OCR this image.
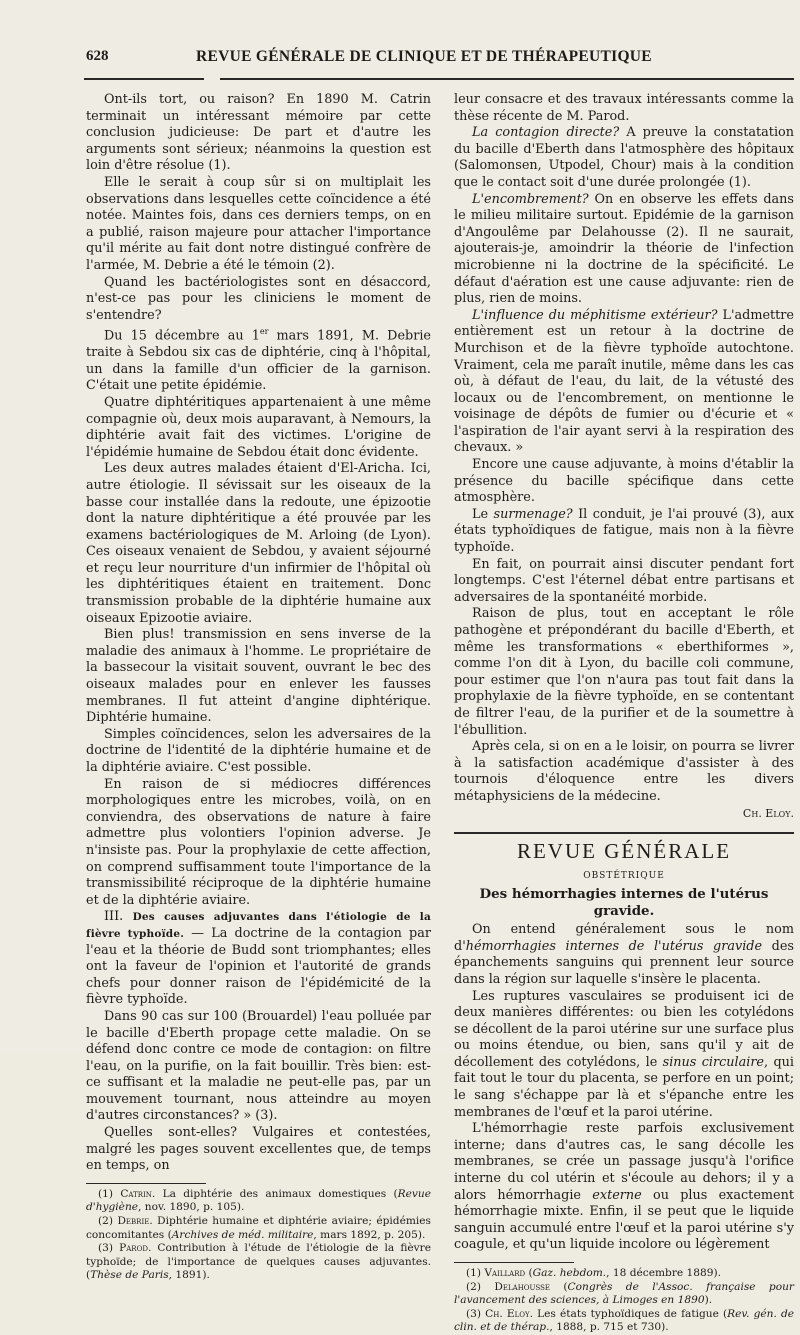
628	REVUE GÉNÉRALE DE CLINIQUE ET DE THÉRAPEUTIQUE

Ont-ils tort, ou raison? En 1890 M. Catrin terminait un intéressant mémoire par cette conclusion judicieuse: De part et d'autre les arguments sont sérieux; néanmoins la question est loin d'être résolue (1).

Elle le serait à coup sûr si on multiplait les observations dans lesquelles cette coïncidence a été notée. Maintes fois, dans ces derniers temps, on en a publié, raison majeure pour attacher l'importance qu'il mérite au fait dont notre distingué confrère de l'armée, M. Debrie a été le témoin (2).

Quand les bactériologistes sont en désaccord, n'est-ce pas pour les cliniciens le moment de s'entendre?

Du 15 décembre au 1er mars 1891, M. Debrie traite à Sebdou six cas de diphtérie, cinq à l'hôpital, un dans la famille d'un officier de la garnison. C'était une petite épidémie.

Quatre diphtéritiques appartenaient à une même compagnie où, deux mois auparavant, à Nemours, la diphtérie avait fait des victimes. L'origine de l'épidémie humaine de Sebdou était donc évidente.

Les deux autres malades étaient d'El-Aricha. Ici, autre étiologie. Il sévissait sur les oiseaux de la basse cour installée dans la redoute, une épizootie dont la nature diphtéritique a été prouvée par les examens bactériologiques de M. Arloing (de Lyon). Ces oiseaux venaient de Sebdou, y avaient séjourné et reçu leur nourriture d'un infirmier de l'hôpital où les diphtéritiques étaient en traitement. Donc transmission probable de la diphtérie humaine aux oiseaux Epizootie aviaire.

Bien plus! transmission en sens inverse de la maladie des animaux à l'homme. Le propriétaire de la bassecour la visitait souvent, ouvrant le bec des oiseaux malades pour en enlever les fausses membranes. Il fut atteint d'angine diphtérique. Diphtérie humaine.

Simples coïncidences, selon les adversaires de la doctrine de l'identité de la diphtérie humaine et de la diphtérie aviaire. C'est possible.

En raison de si médiocres différences morphologiques entre les microbes, voilà, on en conviendra, des observations de nature à faire admettre plus volontiers l'opinion adverse. Je n'insiste pas. Pour la prophylaxie de cette affection, on comprend suffisamment toute l'importance de la transmissibilité réciproque de la diphtérie humaine et de la diphtérie aviaire.

III. Des causes adjuvantes dans l'étiologie de la fièvre typhoïde. — La doctrine de la contagion par l'eau et la théorie de Budd sont triomphantes; elles ont la faveur de l'opinion et l'autorité de grands chefs pour donner raison de l'épidémicité de la fièvre typhoïde.

Dans 90 cas sur 100 (Brouardel) l'eau polluée par le bacille d'Eberth propage cette maladie. On se défend donc contre ce mode de contagion: on filtre l'eau, on la purifie, on la fait bouillir. Très bien: est-ce suffisant et la maladie ne peut-elle pas, par un mouvement tournant, nous atteindre au moyen d'autres circonstances? » (3).

Quelles sont-elles? Vulgaires et contestées, malgré les pages souvent excellentes que, de temps en temps, on

(1) Catrin. La diphtérie des animaux domestiques (Revue d'hygiène, nov. 1890, p. 105).

(2) Debrie. Diphtérie humaine et diphtérie aviaire; épidémies concomitantes (Archives de méd. militaire, mars 1892, p. 205).

(3) Parod. Contribution à l'étude de l'étiologie de la fièvre typhoïde; de l'importance de quelques causes adjuvantes. (Thèse de Paris, 1891).

leur consacre et des travaux intéressants comme la thèse récente de M. Parod.

La contagion directe? A preuve la constatation du bacille d'Eberth dans l'atmosphère des hôpitaux (Salomonsen, Utpodel, Chour) mais à la condition que le contact soit d'une durée prolongée (1).

L'encombrement? On en observe les effets dans le milieu militaire surtout. Epidémie de la garnison d'Angoulême par Delahousse (2). Il ne saurait, ajouterais-je, amoindrir la théorie de l'infection microbienne ni la doctrine de la spécificité. Le défaut d'aération est une cause adjuvante: rien de plus, rien de moins.

L'influence du méphitisme extérieur? L'admettre entièrement est un retour à la doctrine de Murchison et de la fièvre typhoïde autochtone. Vraiment, cela me paraît inutile, même dans les cas où, à défaut de l'eau, du lait, de la vétusté des locaux ou de l'encombrement, on mentionne le voisinage de dépôts de fumier ou d'écurie et « l'aspiration de l'air ayant servi à la respiration des chevaux. »

Encore une cause adjuvante, à moins d'établir la présence du bacille spécifique dans cette atmosphère.

Le surmenage? Il conduit, je l'ai prouvé (3), aux états typhoïdiques de fatigue, mais non à la fièvre typhoïde.

En fait, on pourrait ainsi discuter pendant fort longtemps. C'est l'éternel débat entre partisans et adversaires de la spontanéité morbide.

Raison de plus, tout en acceptant le rôle pathogène et prépondérant du bacille d'Eberth, et même les transformations « eberthiformes », comme l'on dit à Lyon, du bacille coli commune, pour estimer que l'on n'aura pas tout fait dans la prophylaxie de la fièvre typhoïde, en se contentant de filtrer l'eau, de la purifier et de la soumettre à l'ébullition.

Après cela, si on en a le loisir, on pourra se livrer à la satisfaction académique d'assister à des tournois d'éloquence entre les divers métaphysiciens de la médecine.

Ch. Eloy.
REVUE GÉNÉRALE
OBSTÉTRIQUE
Des hémorrhagies internes de l'utérus gravide.

On entend généralement sous le nom d'hémorrhagies internes de l'utérus gravide des épanchements sanguins qui prennent leur source dans la région sur laquelle s'insère le placenta.

Les ruptures vasculaires se produisent ici de deux manières différentes: ou bien les cotylédons se décollent de la paroi utérine sur une surface plus ou moins étendue, ou bien, sans qu'il y ait de décollement des cotylédons, le sinus circulaire, qui fait tout le tour du placenta, se perfore en un point; le sang s'échappe par là et s'épanche entre les membranes de l'œuf et la paroi utérine.

L'hémorrhagie reste parfois exclusivement interne; dans d'autres cas, le sang décolle les membranes, se crée un passage jusqu'à l'orifice interne du col utérin et s'écoule au dehors; il y a alors hémorrhagie externe ou plus exactement hémorrhagie mixte. Enfin, il se peut que le liquide sanguin accumulé entre l'œuf et la paroi utérine s'y coagule, et qu'un liquide incolore ou légèrement

(1) Vaillard (Gaz. hebdom., 18 décembre 1889).

(2) Delahousse (Congrès de l'Assoc. française pour l'avancement des sciences, à Limoges en 1890).

(3) Ch. Eloy. Les états typhoïdiques de fatigue (Rev. gén. de clin. et de thérap., 1888, p. 715 et 730).
